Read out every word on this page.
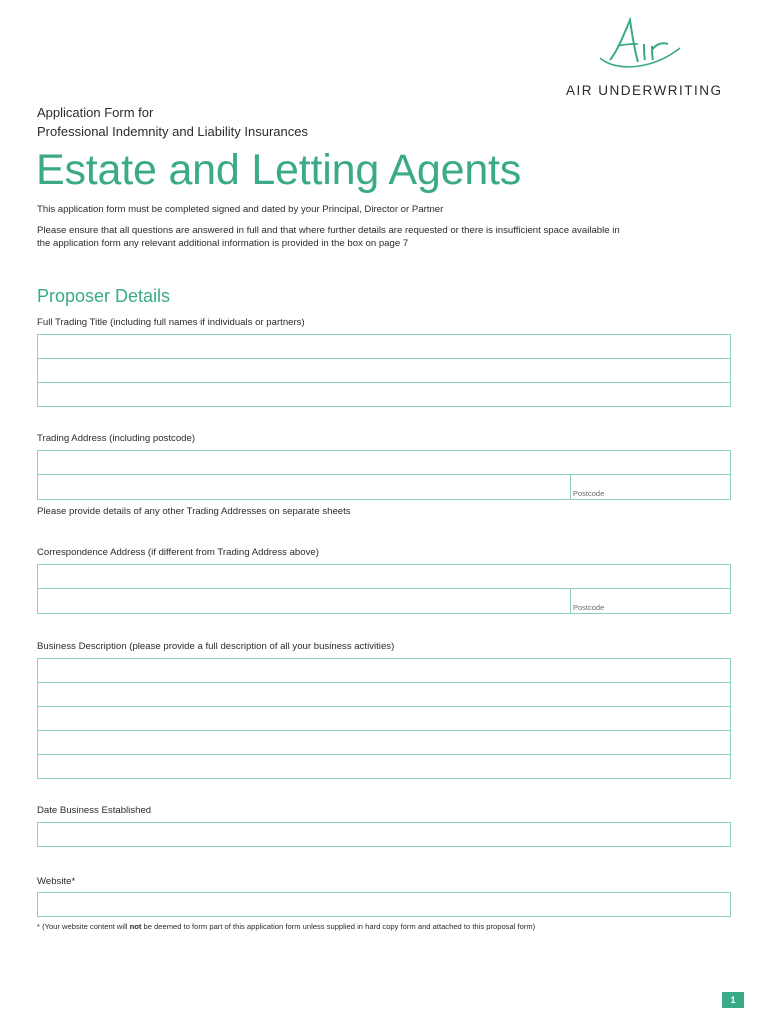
AIR UNDERWRITING
Application Form for
Professional Indemnity and Liability Insurances
Estate and Letting Agents
This application form must be completed signed and dated by your Principal, Director or Partner
Please ensure that all questions are answered in full and that where further details are requested or there is insufficient space available in
the application form any relevant additional information is provided in the box on page 7
Proposer Details
Full Trading Title (including full names if individuals or partners)
Trading Address (including postcode)
Postcode
Please provide details of any other Trading Addresses on separate sheets
Correspondence Address (if different from Trading Address above)
Postcode
Business Description (please provide a full description of all your business activities)
Date Business Established
Website*
* (Your website content will not be deemed to form part of this application form unless supplied in hard copy form and attached to this proposal form)
1
